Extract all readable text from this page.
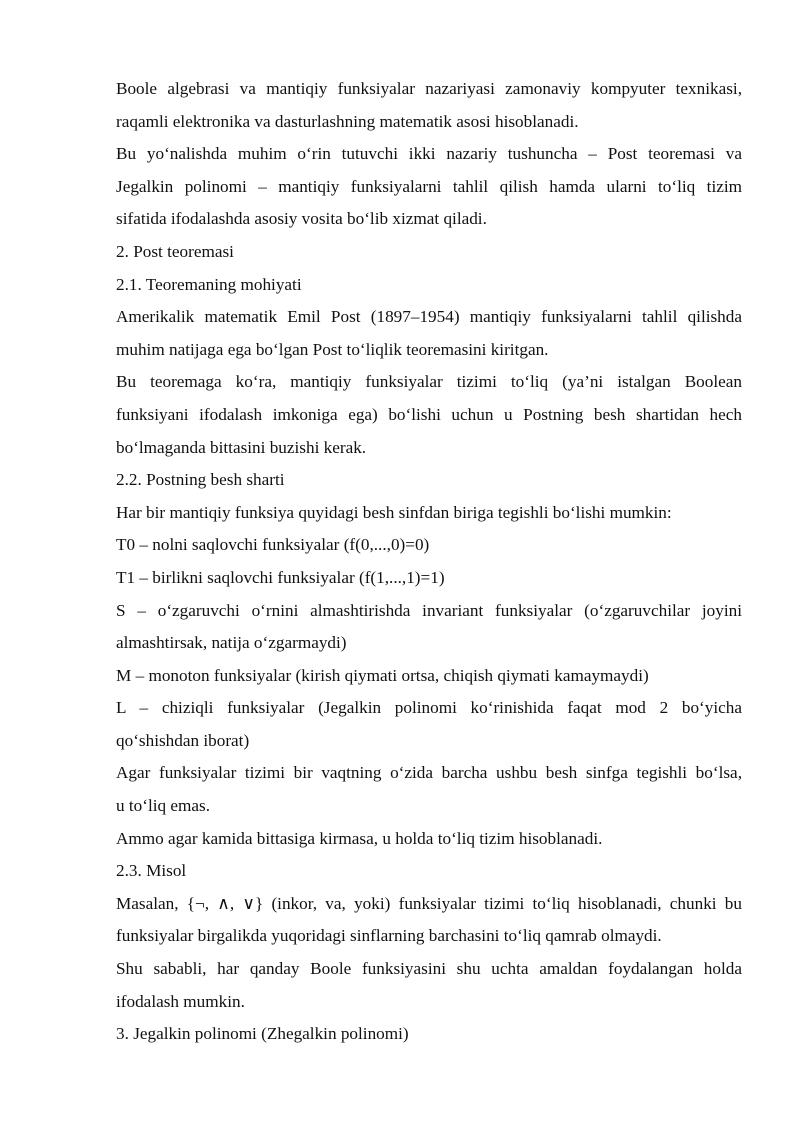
Boole algebrasi va mantiqiy funksiyalar nazariyasi zamonaviy kompyuter texnikasi,
raqamli elektronika va dasturlashning matematik asosi hisoblanadi.
Bu yo‘nalishda muhim o‘rin tutuvchi ikki nazariy tushuncha – Post teoremasi va
Jegalkin polinomi – mantiqiy funksiyalarni tahlil qilish hamda ularni to‘liq tizim
sifatida ifodalashda asosiy vosita bo‘lib xizmat qiladi.
2. Post teoremasi
2.1. Teoremaning mohiyati
Amerikalik matematik Emil Post (1897–1954) mantiqiy funksiyalarni tahlil qilishda
muhim natijaga ega bo‘lgan Post to‘liqlik teoremasini kiritgan.
Bu teoremaga ko‘ra, mantiqiy funksiyalar tizimi to‘liq (ya’ni istalgan Boolean
funksiyani ifodalash imkoniga ega) bo‘lishi uchun u Postning besh shartidan hech
bo‘lmaganda bittasini buzishi kerak.
2.2. Postning besh sharti
Har bir mantiqiy funksiya quyidagi besh sinfdan biriga tegishli bo‘lishi mumkin:
T0 – nolni saqlovchi funksiyalar (f(0,...,0)=0)
T1 – birlikni saqlovchi funksiyalar (f(1,...,1)=1)
S – o‘zgaruvchi o‘rnini almashtirishda invariant funksiyalar (o‘zgaruvchilar joyini
almashtirsak, natija o‘zgarmaydi)
M – monoton funksiyalar (kirish qiymati ortsa, chiqish qiymati kamaymaydi)
L – chiziqli funksiyalar (Jegalkin polinomi ko‘rinishida faqat mod 2 bo‘yicha
qo‘shishdan iborat)
Agar funksiyalar tizimi bir vaqtning o‘zida barcha ushbu besh sinfga tegishli bo‘lsa,
u to‘liq emas.
Ammo agar kamida bittasiga kirmasa, u holda to‘liq tizim hisoblanadi.
2.3. Misol
Masalan, {¬, ∧, ∨} (inkor, va, yoki) funksiyalar tizimi to‘liq hisoblanadi, chunki bu
funksiyalar birgalikda yuqoridagi sinflarning barchasini to‘liq qamrab olmaydi.
Shu sababli, har qanday Boole funksiyasini shu uchta amaldan foydalangan holda
ifodalash mumkin.
3. Jegalkin polinomi (Zhegalkin polinomi)
